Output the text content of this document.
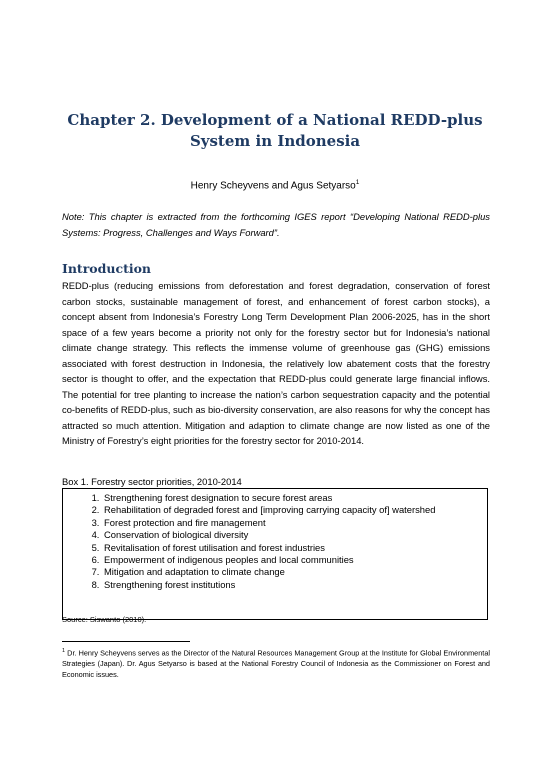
Chapter 2. Development of a National REDD-plus System in Indonesia
Henry Scheyvens and Agus Setyarso$^1$
Note: This chapter is extracted from the forthcoming IGES report “Developing National REDD-plus Systems: Progress, Challenges and Ways Forward”.
Introduction
REDD-plus (reducing emissions from deforestation and forest degradation, conservation of forest carbon stocks, sustainable management of forest, and enhancement of forest carbon stocks), a concept absent from Indonesia’s Forestry Long Term Development Plan 2006-2025, has in the short space of a few years become a priority not only for the forestry sector but for Indonesia’s national climate change strategy. This reflects the immense volume of greenhouse gas (GHG) emissions associated with forest destruction in Indonesia, the relatively low abatement costs that the forestry sector is thought to offer, and the expectation that REDD-plus could generate large financial inflows. The potential for tree planting to increase the nation’s carbon sequestration capacity and the potential co-benefits of REDD-plus, such as bio-diversity conservation, are also reasons for why the concept has attracted so much attention. Mitigation and adaption to climate change are now listed as one of the Ministry of Forestry’s eight priorities for the forestry sector for 2010-2014.
Box 1. Forestry sector priorities, 2010-2014
1. Strengthening forest designation to secure forest areas
2. Rehabilitation of degraded forest and [improving carrying capacity of] watershed
3. Forest protection and fire management
4. Conservation of biological diversity
5. Revitalisation of forest utilisation and forest industries
6. Empowerment of indigenous peoples and local communities
7. Mitigation and adaptation to climate change
8. Strengthening forest institutions
Source: Siswanto (2010).
$^1$ Dr. Henry Scheyvens serves as the Director of the Natural Resources Management Group at the Institute for Global Environmental Strategies (Japan). Dr. Agus Setyarso is based at the National Forestry Council of Indonesia as the Commissioner on Forest and Economic issues.
